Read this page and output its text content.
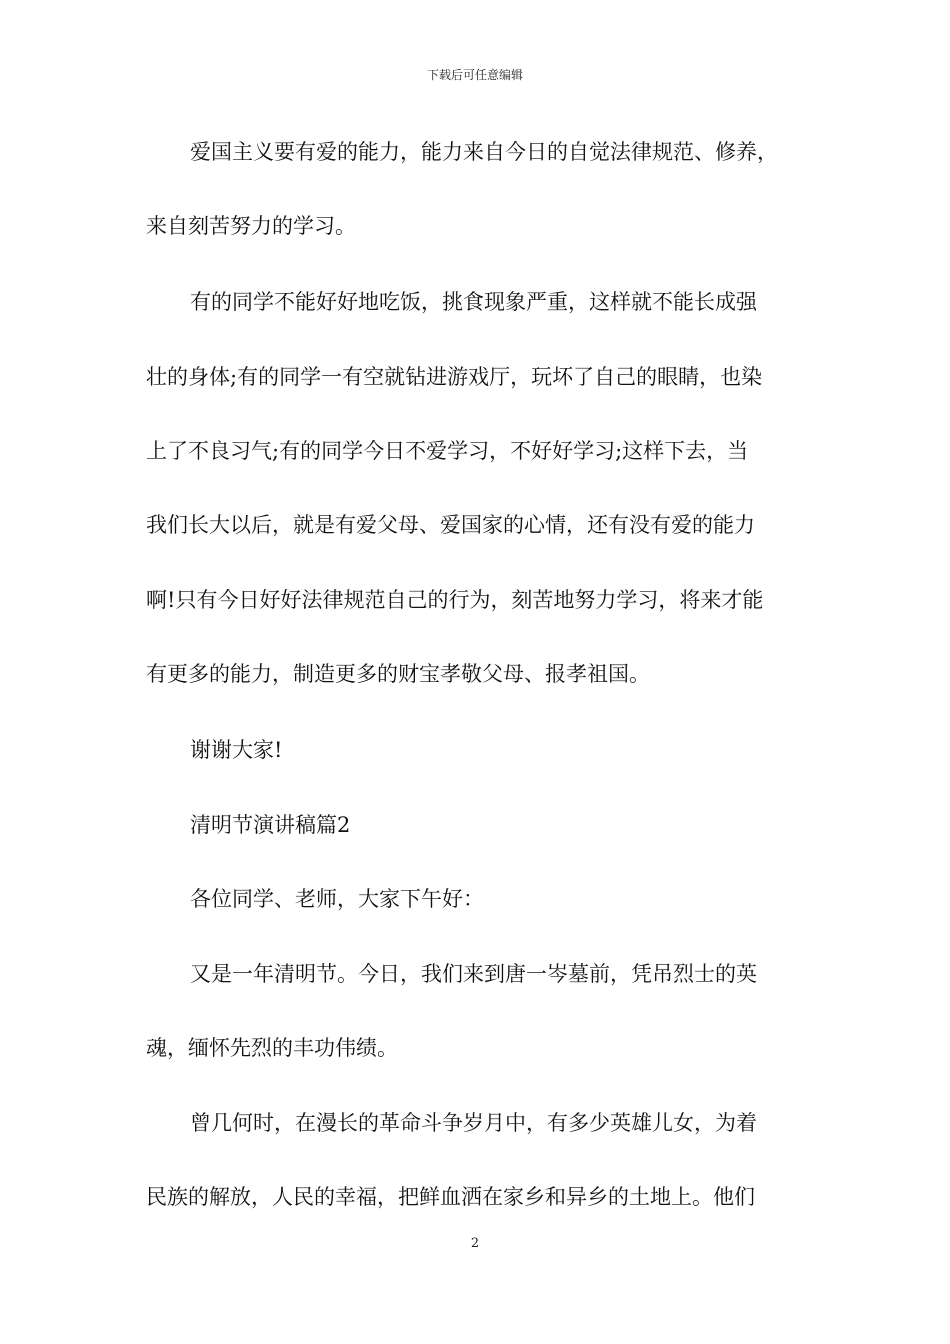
下载后可任意编辑
爱国主义要有爱的能力，能力来自今日的自觉法律规范、修养，
来自刻苦努力的学习。
有的同学不能好好地吃饭，挑食现象严重，这样就不能长成强
壮的身体;有的同学一有空就钻进游戏厅，玩坏了自己的眼睛，也染
上了不良习气;有的同学今日不爱学习，不好好学习;这样下去，当
我们长大以后，就是有爱父母、爱国家的心情，还有没有爱的能力
啊!只有今日好好法律规范自己的行为，刻苦地努力学习，将来才能
有更多的能力，制造更多的财宝孝敬父母、报孝祖国。
谢谢大家!
清明节演讲稿篇2
各位同学、老师，大家下午好：
又是一年清明节。今日，我们来到唐一岑墓前，凭吊烈士的英
魂，缅怀先烈的丰功伟绩。
曾几何时，在漫长的革命斗争岁月中，有多少英雄儿女，为着
民族的解放，人民的幸福，把鲜血洒在家乡和异乡的土地上。他们
2
